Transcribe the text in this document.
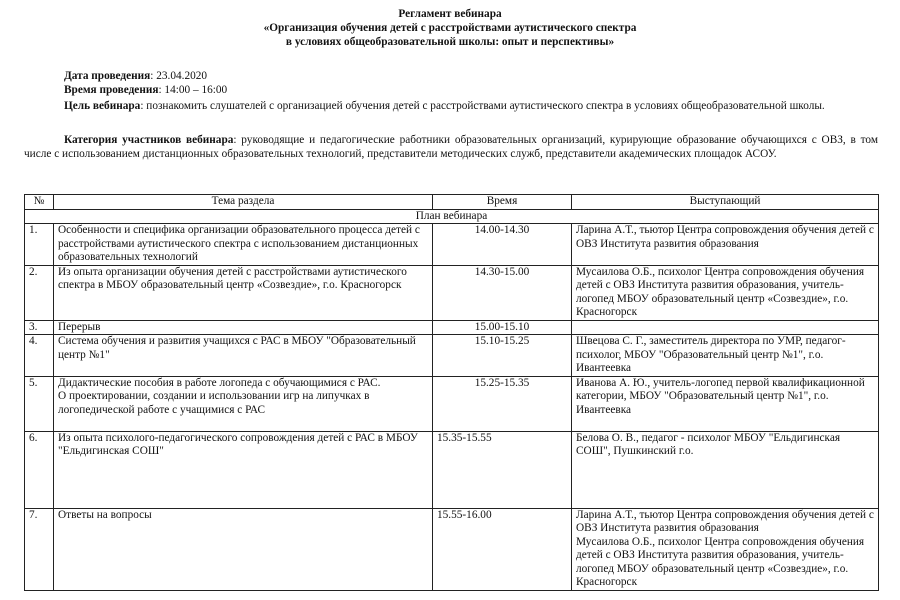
Регламент вебинара
«Организация обучения детей с расстройствами аутистического спектра
в условиях общеобразовательной школы: опыт и перспективы»
Дата проведения: 23.04.2020
Время проведения: 14:00 – 16:00
Цель вебинара: познакомить слушателей с организацией обучения детей с расстройствами аутистического спектра в условиях общеобразовательной школы.
Категория участников вебинара: руководящие и педагогические работники образовательных организаций, курирующие образование обучающихся с ОВЗ, в том числе с использованием дистанционных образовательных технологий, представители методических служб, представители академических площадок АСОУ.
№	Тема раздела	Время	Выступающий
План вебинара			
1.	Особенности и специфика организации образовательного процесса детей с расстройствами аутистического спектра с использованием дистанционных образовательных технологий	14.00-14.30	Ларина А.Т., тьютор Центра сопровождения обучения детей с ОВЗ Института развития образования
2.	Из опыта организации обучения детей с расстройствами аутистического спектра в МБОУ образовательный центр «Созвездие», г.о. Красногорск	14.30-15.00	Мусаилова О.Б., психолог Центра сопровождения обучения детей с ОВЗ Института развития образования, учитель-логопед МБОУ образовательный центр «Созвездие», г.о. Красногорск
3.	Перерыв	15.00-15.10	
4.	Система обучения и развития учащихся с РАС в МБОУ "Образовательный центр №1"	15.10-15.25	Швецова С. Г., заместитель директора по УМР, педагог-психолог, МБОУ "Образовательный центр №1", г.о. Ивантеевка
5.	Дидактические пособия в работе логопеда с обучающимися с РАС.
О проектировании, создании и использовании игр на липучках в логопедической работе с учащимися с РАС	15.25-15.35	Иванова А. Ю., учитель-логопед первой квалификационной категории, МБОУ "Образовательный центр №1", г.о. Ивантеевка
6.	Из опыта психолого-педагогического сопровождения детей с РАС в МБОУ "Ельдигинская СОШ"	15.35-15.55	Белова О. В., педагог - психолог МБОУ "Ельдигинская СОШ", Пушкинский г.о.
7.	Ответы на вопросы	15.55-16.00	Ларина А.Т., тьютор Центра сопровождения обучения детей с ОВЗ Института развития образования
Мусаилова О.Б., психолог Центра сопровождения обучения детей с ОВЗ Института развития образования, учитель-логопед МБОУ образовательный центр «Созвездие», г.о. Красногорск
